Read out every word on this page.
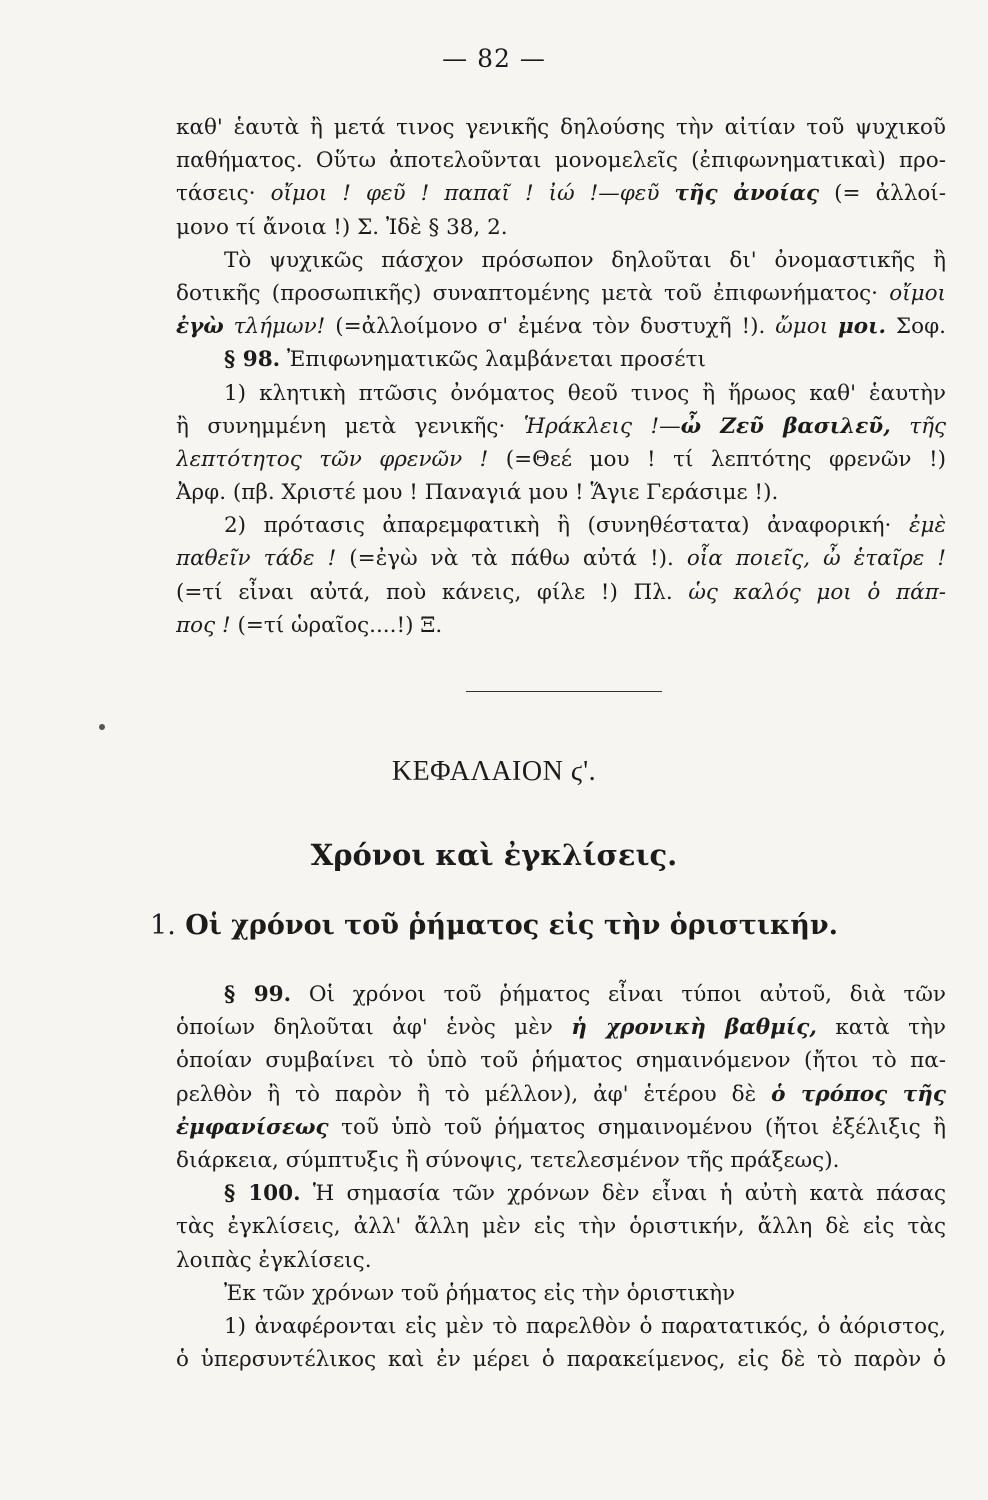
— 82 —
καθ' ἑαυτὰ ἢ μετά τινος γενικῆς δηλούσης τὴν αἰτίαν τοῦ ψυχικοῦ
παθήματος. Οὕτω ἀποτελοῦνται μονομελεῖς (ἐπιφωνηματικαὶ) προ-
τάσεις· οἴμοι ! φεῦ ! παπαῖ ! ἰώ !—φεῦ τῆς ἀνοίας (= ἀλλοί-
μονο τί ἄνοια !) Σ. Ἰδὲ § 38, 2.
Τὸ ψυχικῶς πάσχον πρόσωπον δηλοῦται δι' ὀνομαστικῆς ἢ
δοτικῆς (προσωπικῆς) συναπτομένης μετὰ τοῦ ἐπιφωνήματος· οἴμοι
ἐγὼ τλήμων! (=ἀλλοίμονο σ' ἐμένα τὸν δυστυχῆ !). ὤμοι μοι. Σοφ.
§ 98. Ἐπιφωνηματικῶς λαμβάνεται προσέτι
1) κλητικὴ πτῶσις ὀνόματος θεοῦ τινος ἢ ἥρωος καθ' ἑαυτὴν
ἢ συνημμένη μετὰ γενικῆς· Ἡράκλεις !—ὦ Ζεῦ βασιλεῦ, τῆς
λεπτότητος τῶν φρενῶν ! (=Θεέ μου ! τί λεπτότης φρενῶν !)
Ἀρφ. (πβ. Χριστέ μου ! Παναγιά μου ! Ἅγιε Γεράσιμε !).
2) πρότασις ἀπαρεμφατικὴ ἢ (συνηθέστατα) ἀναφορική· ἐμὲ
παθεῖν τάδε ! (=ἐγὼ νὰ τὰ πάθω αὐτά !). οἷα ποιεῖς, ὦ ἑταῖρε !
(=τί εἶναι αὐτά, ποὺ κάνεις, φίλε !) Πλ. ὡς καλός μοι ὁ πάπ-
πος ! (=τί ὡραῖος....!) Ξ.
ΚΕΦΑΛΑΙΟΝ ϛ'.
Χρόνοι καὶ ἐγκλίσεις.
1. Οἱ χρόνοι τοῦ ῥήματος εἰς τὴν ὁριστικήν.
§ 99. Οἱ χρόνοι τοῦ ῥήματος εἶναι τύποι αὐτοῦ, διὰ τῶν
ὁποίων δηλοῦται ἀφ' ἑνὸς μὲν ἡ χρονικὴ βαθμίς, κατὰ τὴν
ὁποίαν συμβαίνει τὸ ὑπὸ τοῦ ῥήματος σημαινόμενον (ἤτοι τὸ πα-
ρελθὸν ἢ τὸ παρὸν ἢ τὸ μέλλον), ἀφ' ἑτέρου δὲ ὁ τρόπος τῆς
ἐμφανίσεως τοῦ ὑπὸ τοῦ ῥήματος σημαινομένου (ἤτοι ἐξέλιξις ἢ
διάρκεια, σύμπτυξις ἢ σύνοψις, τετελεσμένον τῆς πράξεως).
§ 100. Ἡ σημασία τῶν χρόνων δὲν εἶναι ἡ αὐτὴ κατὰ πάσας
τὰς ἐγκλίσεις, ἀλλ' ἄλλη μὲν εἰς τὴν ὁριστικήν, ἄλλη δὲ εἰς τὰς
λοιπὰς ἐγκλίσεις.
Ἐκ τῶν χρόνων τοῦ ῥήματος εἰς τὴν ὁριστικὴν
1) ἀναφέρονται εἰς μὲν τὸ παρελθὸν ὁ παρατατικός, ὁ ἀόριστος,
ὁ ὑπερσυντέλικος καὶ ἐν μέρει ὁ παρακείμενος, εἰς δὲ τὸ παρὸν ὁ
